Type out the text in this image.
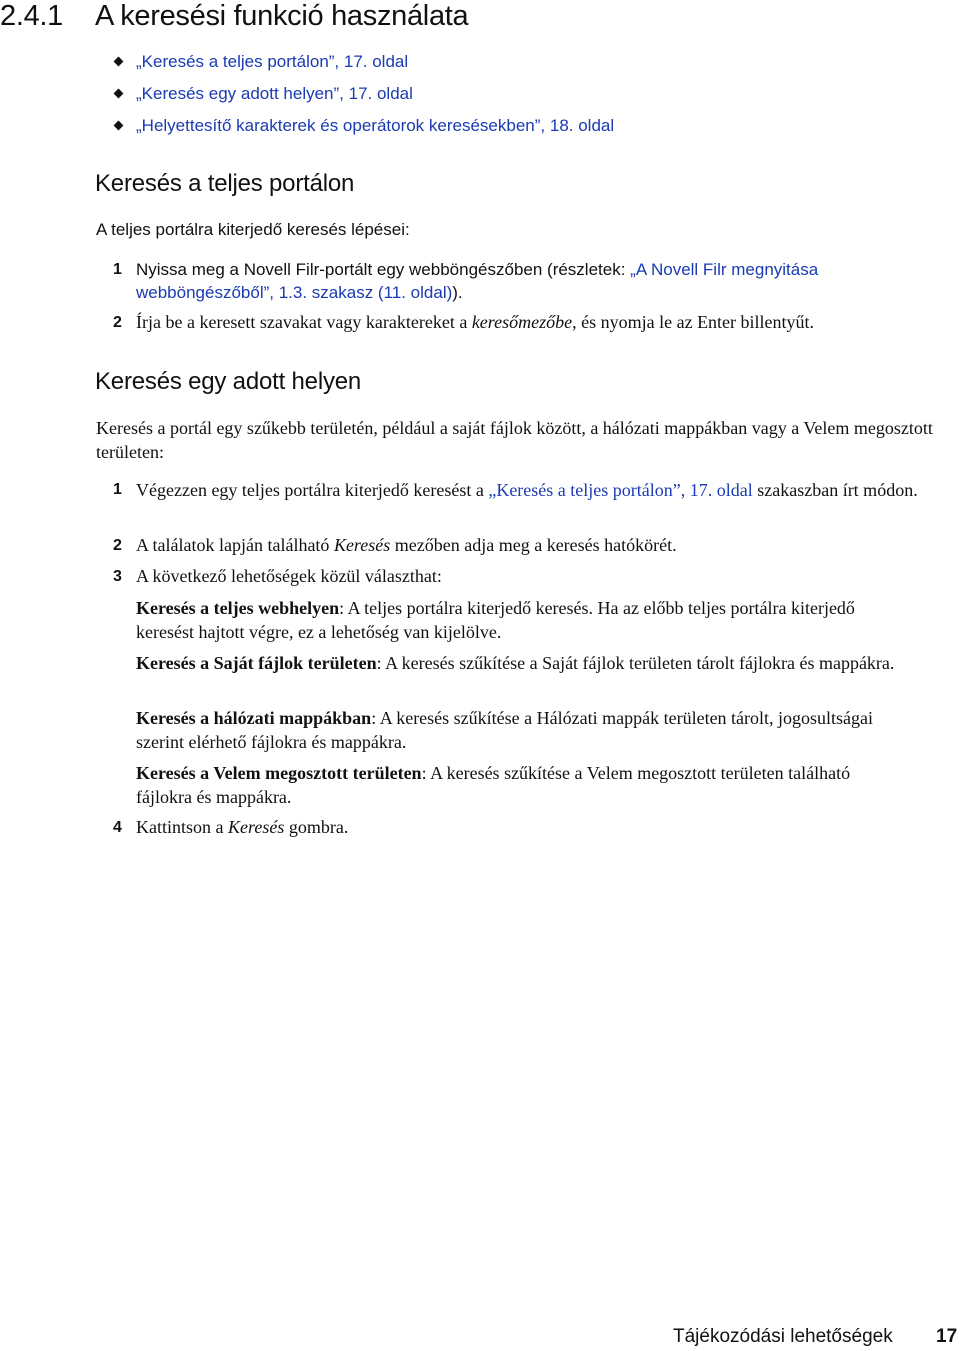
2.4.1 A keresési funkció használata
„Keresés a teljes portálon”, 17. oldal
„Keresés egy adott helyen”, 17. oldal
„Helyettesítő karakterek és operátorok keresésekben”, 18. oldal
Keresés a teljes portálon
A teljes portálra kiterjedő keresés lépései:
1 Nyissa meg a Novell Filr-portált egy webböngészőben (részletek: „A Novell Filr megnyitása webböngészőből”, 1.3. szakasz (11. oldal)).
2 Írja be a keresett szavakat vagy karaktereket a keresőmezőbe, és nyomja le az Enter billentyűt.
Keresés egy adott helyen
Keresés a portál egy szűkebb területén, például a saját fájlok között, a hálózati mappákban vagy a Velem megosztott területen:
1 Végezzen egy teljes portálra kiterjedő keresést a „Keresés a teljes portálon”, 17. oldal szakaszban írt módon.
2 A találatok lapján található Keresés mezőben adja meg a keresés hatókörét.
3 A következő lehetőségek közül választhat:
Keresés a teljes webhelyen: A teljes portálra kiterjedő keresés. Ha az előbb teljes portálra kiterjedő keresést hajtott végre, ez a lehetőség van kijelölve.
Keresés a Saját fájlok területen: A keresés szűkítése a Saját fájlok területen tárolt fájlokra és mappákra.
Keresés a hálózati mappákban: A keresés szűkítése a Hálózati mappák területen tárolt, jogosultságai szerint elérhető fájlokra és mappákra.
Keresés a Velem megosztott területen: A keresés szűkítése a Velem megosztott területen található fájlokra és mappákra.
4 Kattintson a Keresés gombra.
Tájékozódási lehetőségek 17
